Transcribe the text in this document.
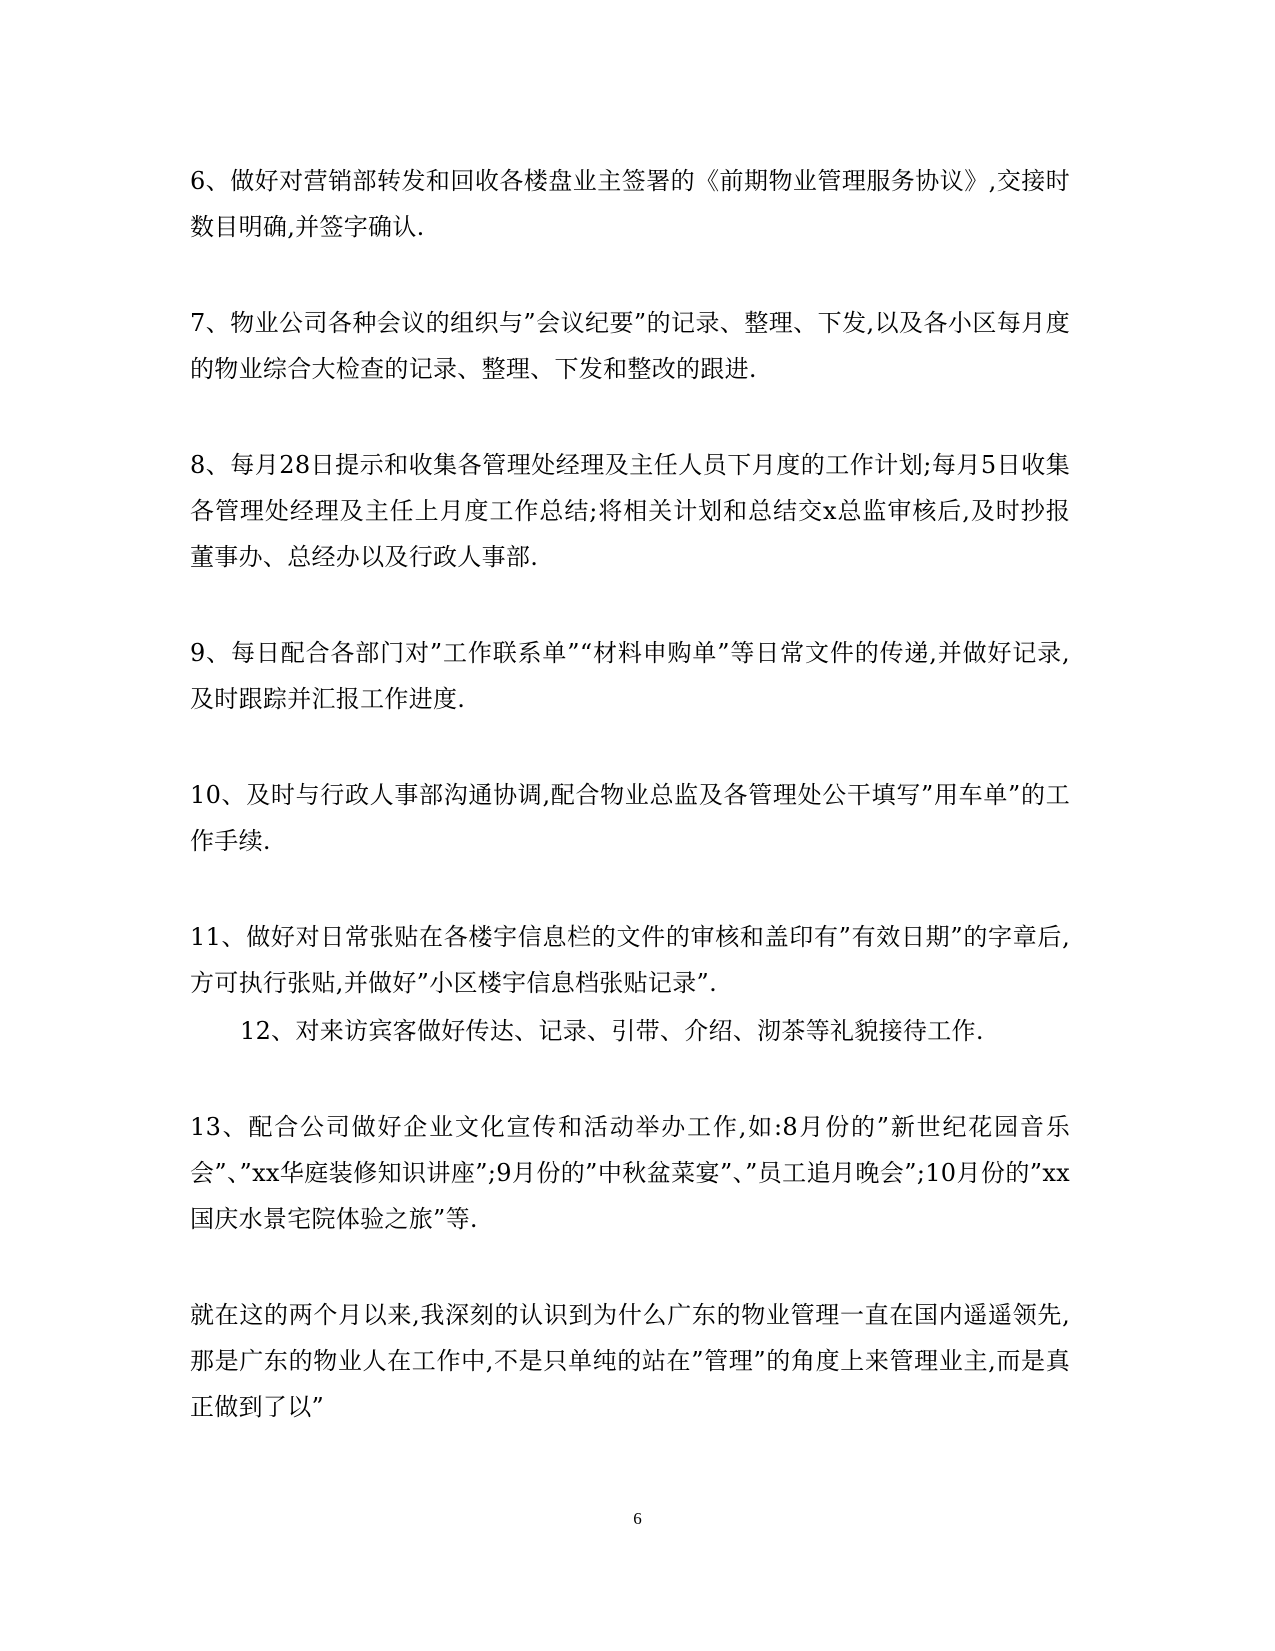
6、做好对营销部转发和回收各楼盘业主签署的《前期物业管理服务协议》,交接时数目明确,并签字确认.

7、物业公司各种会议的组织与”会议纪要”的记录、整理、下发,以及各小区每月度的物业综合大检查的记录、整理、下发和整改的跟进.

8、每月28日提示和收集各管理处经理及主任人员下月度的工作计划;每月5日收集各管理处经理及主任上月度工作总结;将相关计划和总结交x总监审核后,及时抄报董事办、总经办以及行政人事部.

9、每日配合各部门对”工作联系单”“材料申购单”等日常文件的传递,并做好记录,及时跟踪并汇报工作进度.

10、及时与行政人事部沟通协调,配合物业总监及各管理处公干填写”用车单”的工作手续.

11、做好对日常张贴在各楼宇信息栏的文件的审核和盖印有”有效日期”的字章后,方可执行张贴,并做好”小区楼宇信息档张贴记录”.

12、对来访宾客做好传达、记录、引带、介绍、沏茶等礼貌接待工作.

13、配合公司做好企业文化宣传和活动举办工作,如:8月份的”新世纪花园音乐会”、”xx华庭装修知识讲座”;9月份的”中秋盆菜宴”、”员工追月晚会”;10月份的”xx国庆水景宅院体验之旅”等.

就在这的两个月以来,我深刻的认识到为什么广东的物业管理一直在国内遥遥领先,那是广东的物业人在工作中,不是只单纯的站在”管理”的角度上来管理业主,而是真正做到了以”

6
